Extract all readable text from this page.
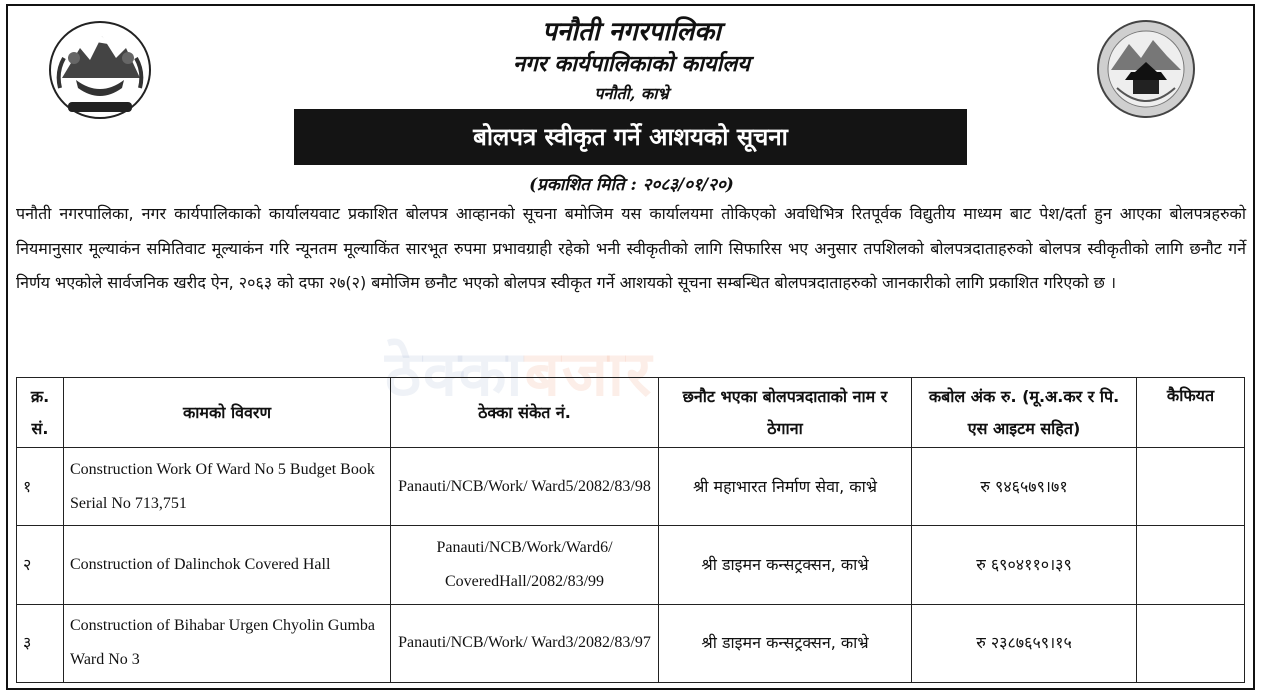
पनौती नगरपालिका
नगर कार्यपालिकाको कार्यालय
पनौती, काभ्रे
बोलपत्र स्वीकृत गर्ने आशयको सूचना
(प्रकाशित मिति : २०८३/०१/२०)
पनौती नगरपालिका, नगर कार्यपालिकाको कार्यालयवाट प्रकाशित बोलपत्र आव्हानको सूचना बमोजिम यस कार्यालयमा तोकिएको अवधिभित्र रितपूर्वक विद्युतीय माध्यम बाट पेश/दर्ता हुन आएका बोलपत्रहरुको नियमानुसार मूल्याकंन समितिवाट मूल्याकंन गरि न्यूनतम मूल्याकिंत सारभूत रुपमा प्रभावग्राही रहेको भनी स्वीकृतीको लागि सिफारिस भए अनुसार तपशिलको बोलपत्रदाताहरुको बोलपत्र स्वीकृतीको लागि छनौट गर्ने निर्णय भएकोले सार्वजनिक खरीद ऐन, २०६३ को दफा २७(२) बमोजिम छनौट भएको बोलपत्र स्वीकृत गर्ने आशयको सूचना सम्बन्धित बोलपत्रदाताहरुको जानकारीको लागि प्रकाशित गरिएको छ ।
ठेक्काबजार
क्र. सं.	कामको विवरण	ठेक्का संकेत नं.	छनौट भएका बोलपत्रदाताको नाम र ठेगाना	कबोल अंक रु. (मू.अ.कर र पि. एस आइटम सहित)	कैफियत
१	Construction Work Of Ward No 5 Budget Book Serial No 713,751	Panauti/NCB/Work/ Ward5/2082/83/98	श्री महाभारत निर्माण सेवा, काभ्रे	रु ९४६५७९।७१	
२	Construction of Dalinchok Covered Hall	Panauti/NCB/Work/Ward6/ CoveredHall/2082/83/99	श्री डाइमन कन्सट्रक्सन, काभ्रे	रु ६९०४११०।३९	
३	Construction of Bihabar Urgen Chyolin Gumba Ward No 3	Panauti/NCB/Work/ Ward3/2082/83/97	श्री डाइमन कन्सट्रक्सन, काभ्रे	रु २३८७६५९।१५	
